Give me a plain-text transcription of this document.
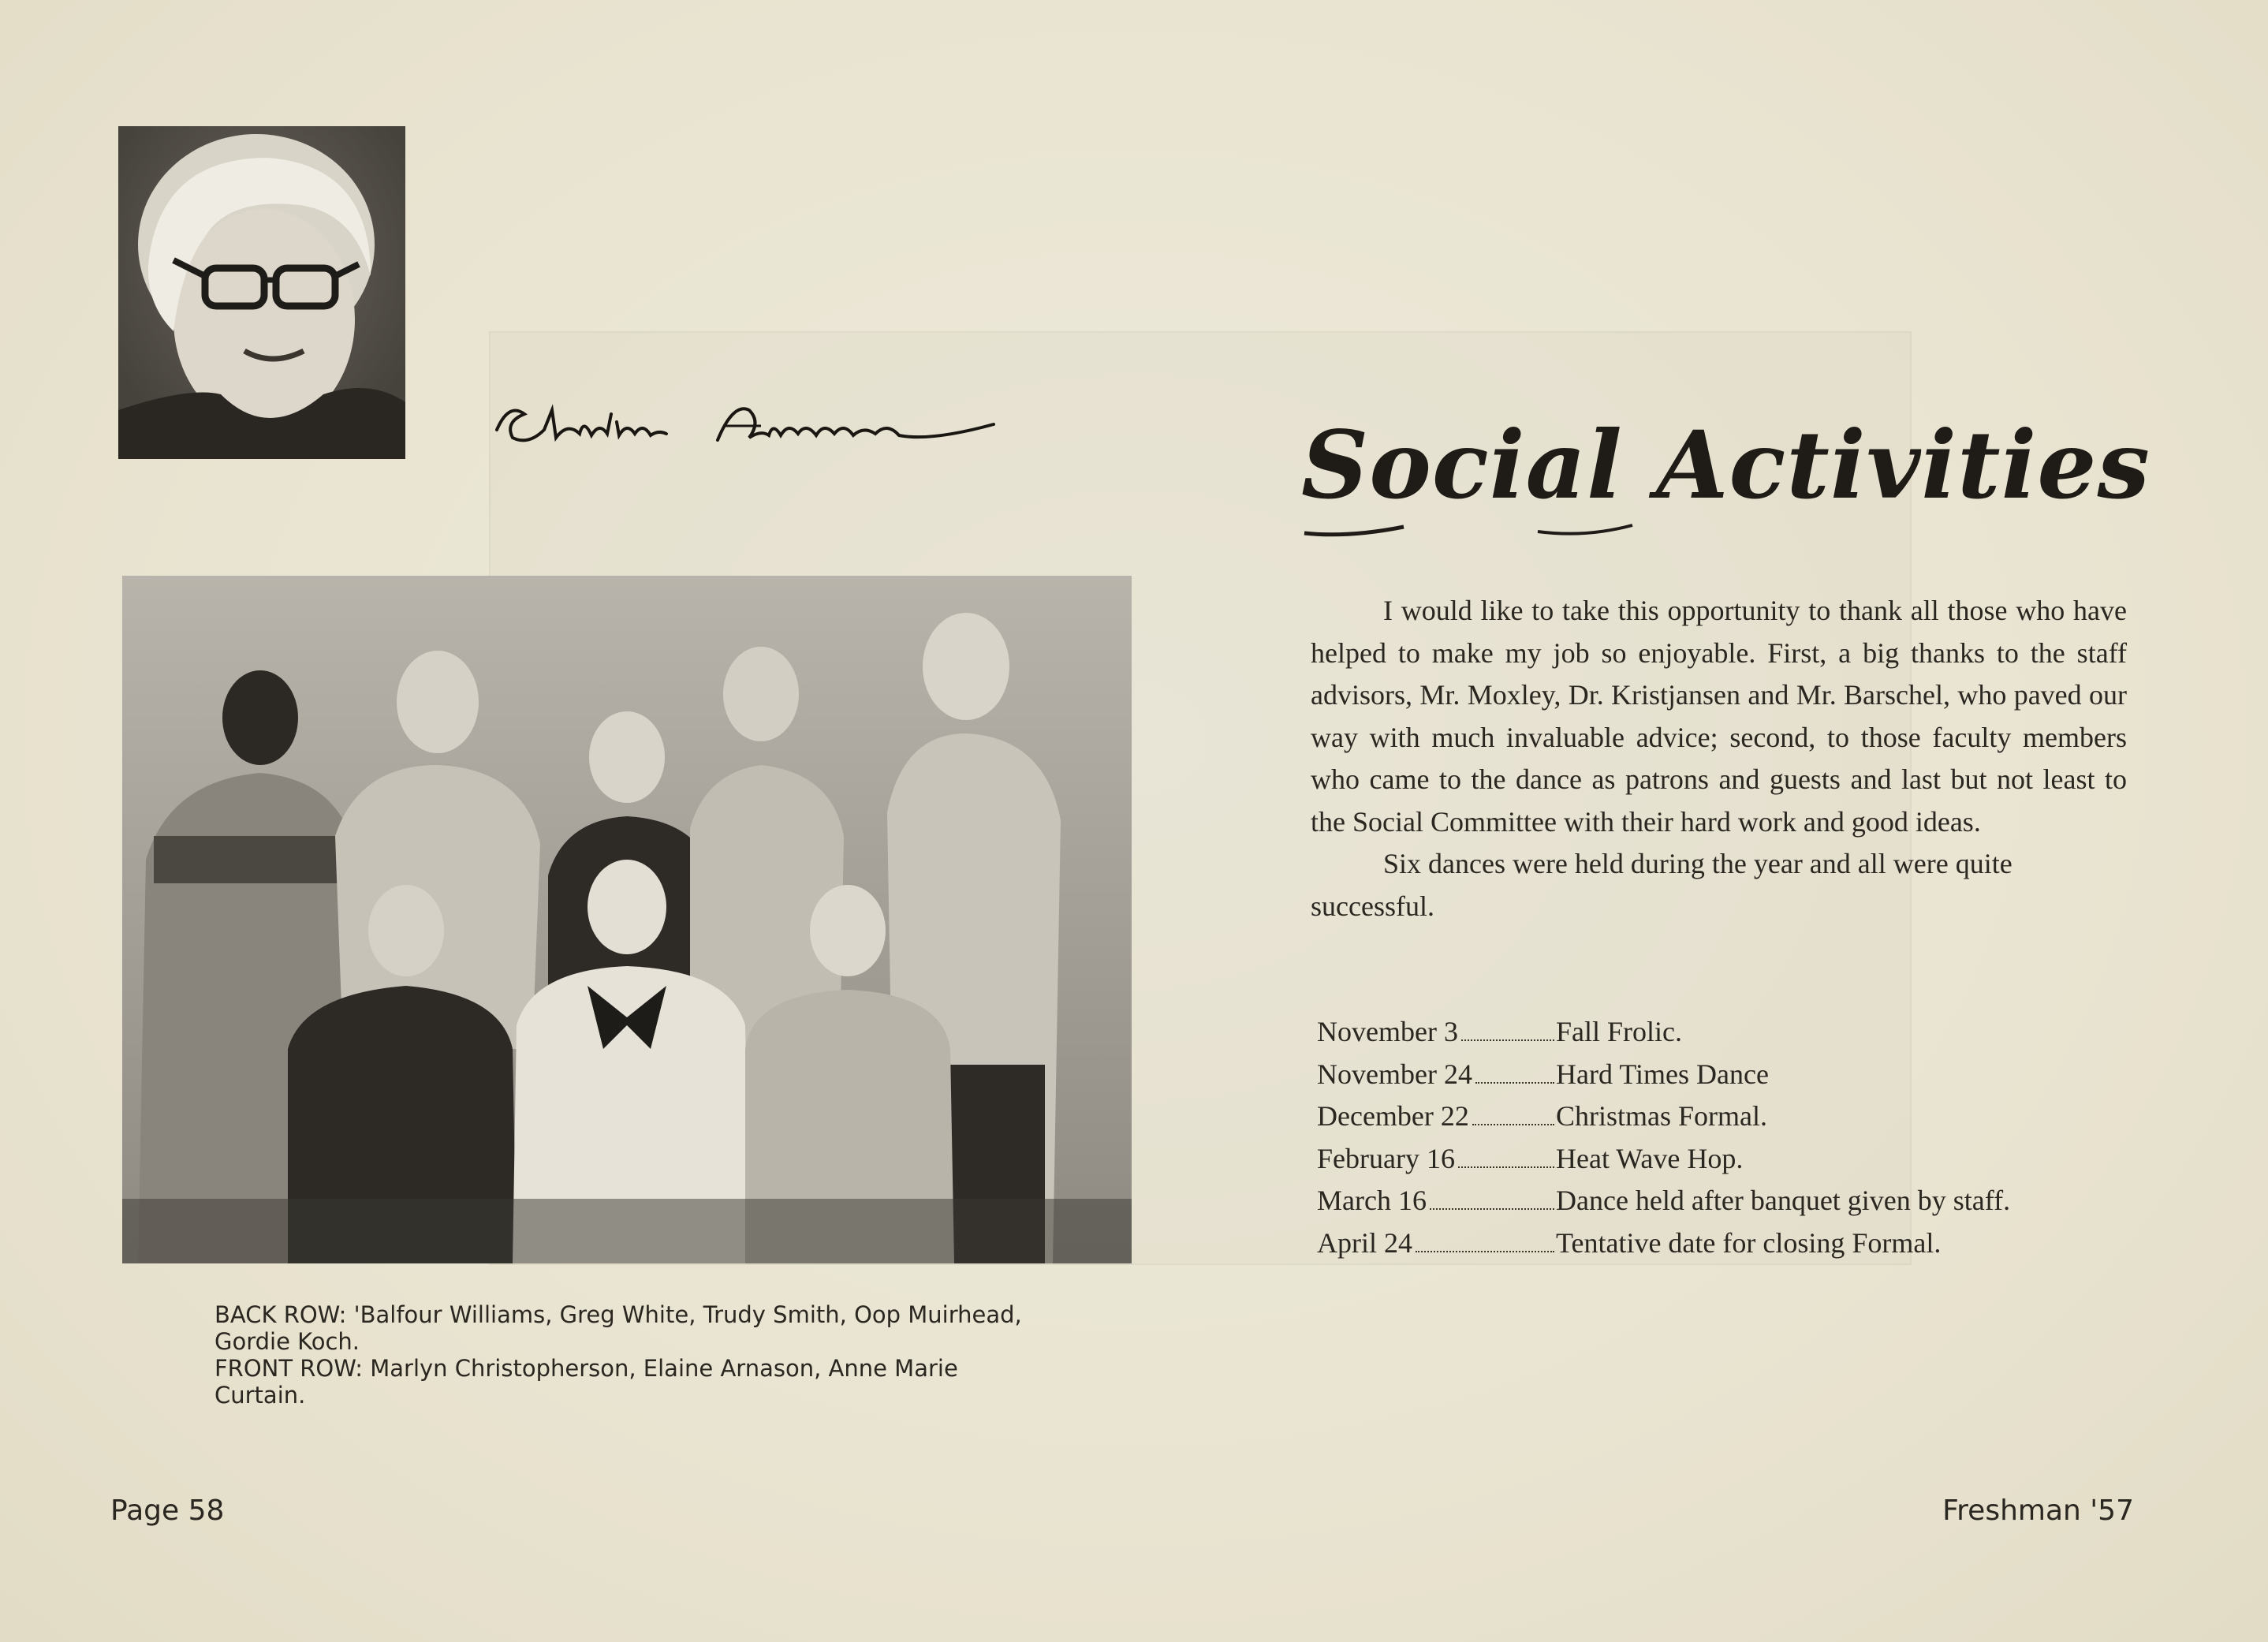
Social Activities

BACK ROW: 'Balfour Williams, Greg White, Trudy Smith, Oop Muirhead, Gordie Koch.

FRONT ROW: Marlyn Christopherson, Elaine Arnason, Anne Marie Curtain.

I would like to take this opportunity to thank all those who have helped to make my job so enjoyable. First, a big thanks to the staff advisors, Mr. Moxley, Dr. Kristjansen and Mr. Barschel, who paved our way with much invaluable advice; second, to those faculty members who came to the dance as patrons and guests and last but not least to the Social Committee with their hard work and good ideas.

Six dances were held during the year and all were quite successful.

November 3	Fall Frolic.
November 24	Hard Times Dance
December 22	Christmas Formal.
February 16	Heat Wave Hop.
March 16	Dance held after banquet given by staff.
April 24	Tentative date for closing Formal.
Page 58	Freshman '57
